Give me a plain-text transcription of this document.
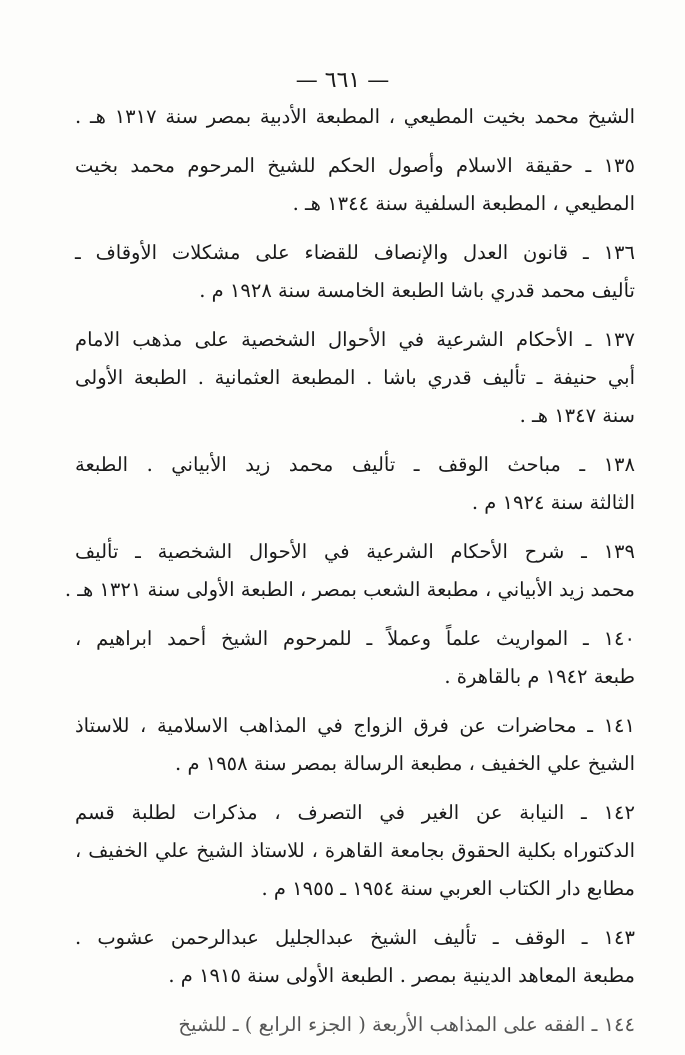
— ٦٦١ —
الشيخ محمد بخيت المطيعي ، المطبعة الأدبية بمصر سنة ١٣١٧ هـ .
١٣٥ ـ حقيقة الاسلام وأصول الحكم للشيخ المرحوم محمد بخيت
المطيعي ، المطبعة السلفية سنة ١٣٤٤ هـ .
١٣٦ ـ قانون العدل والإنصاف للقضاء على مشكلات الأوقاف ـ
تأليف محمد قدري باشا الطبعة الخامسة سنة ١٩٢٨ م .
١٣٧ ـ الأحكام الشرعية في الأحوال الشخصية على مذهب الامام
أبي حنيفة ـ تأليف قدري باشا . المطبعة العثمانية . الطبعة الأولى
سنة ١٣٤٧ هـ .
١٣٨ ـ مباحث الوقف ـ تأليف محمد زيد الأبياني . الطبعة
الثالثة سنة ١٩٢٤ م .
١٣٩ ـ شرح الأحكام الشرعية في الأحوال الشخصية ـ تأليف
محمد زيد الأبياني ، مطبعة الشعب بمصر ، الطبعة الأولى سنة ١٣٢١ هـ .
١٤٠ ـ المواريث علماً وعملاً ـ للمرحوم الشيخ أحمد ابراهيم ،
طبعة ١٩٤٢ م بالقاهرة .
١٤١ ـ محاضرات عن فرق الزواج في المذاهب الاسلامية ، للاستاذ
الشيخ علي الخفيف ، مطبعة الرسالة بمصر سنة ١٩٥٨ م .
١٤٢ ـ النيابة عن الغير في التصرف ، مذكرات لطلبة قسم
الدكتوراه بكلية الحقوق بجامعة القاهرة ، للاستاذ الشيخ علي الخفيف ،
مطابع دار الكتاب العربي سنة ١٩٥٤ ـ ١٩٥٥ م .
١٤٣ ـ الوقف ـ تأليف الشيخ عبدالجليل عبدالرحمن عشوب .
مطبعة المعاهد الدينية بمصر . الطبعة الأولى سنة ١٩١٥ م .
١٤٤ ـ الفقه على المذاهب الأربعة ( الجزء الرابع ) ـ للشيخ
